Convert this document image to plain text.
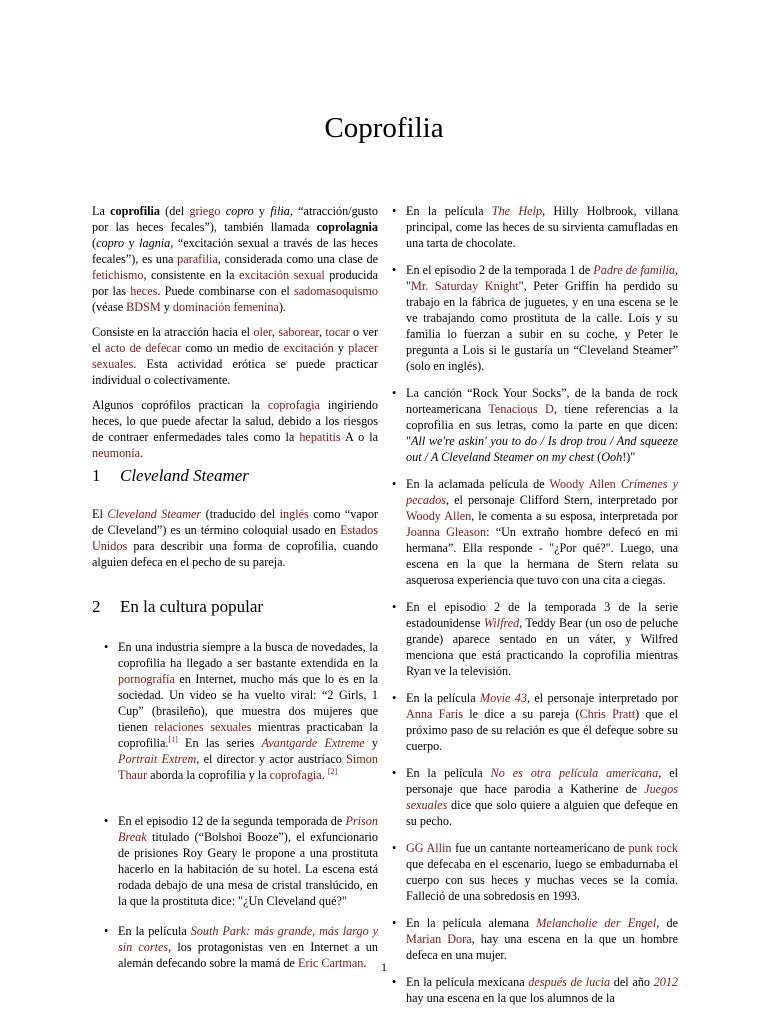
Coprofilia

La coprofilia (del griego copro y filia, “atracción/gusto por las heces fecales”), también llamada coprolagnia (copro y lagnia, “excitación sexual a través de las heces fecales”), es una parafilia, considerada como una clase de fetichismo, consistente en la excitación sexual producida por las heces. Puede combinarse con el sadomasoquismo (véase BDSM y dominación femenina).

Consiste en la atracción hacia el oler, saborear, tocar o ver el acto de defecar como un medio de excitación y placer sexuales. Esta actividad erótica se puede practicar individual o colectivamente.

Algunos coprófilos practican la coprofagia ingiriendo heces, lo que puede afectar la salud, debido a los riesgos de contraer enfermedades tales como la hepatitis A o la neumonía.

1 Cleveland Steamer

El Cleveland Steamer (traducido del inglés como “vapor de Cleveland”) es un término coloquial usado en Estados Unidos para describir una forma de coprofilia, cuando alguien defeca en el pecho de su pareja.

2 En la cultura popular
• En una industria siempre a la busca de novedades, la coprofilia ha llegado a ser bastante extendida en la pornografía en Internet, mucho más que lo es en la sociedad. Un video se ha vuelto viral: “2 Girls, 1 Cup” (brasileño), que muestra dos mujeres que tienen relaciones sexuales mientras practicaban la coprofilia.[1] En las series Avantgarde Extreme y Portrait Extrem, el director y actor austríaco Simon Thaur aborda la coprofilia y la coprofagia. [2]
• En el episodio 12 de la segunda temporada de Prison Break titulado (“Bolshoi Booze”), el exfuncionario de prisiones Roy Geary le propone a una prostituta hacerlo en la habitación de su hotel. La escena está rodada debajo de una mesa de cristal translúcido, en la que la prostituta dice: "¿Un Cleveland qué?"
• En la película South Park: más grande, más largo y sin cortes, los protagonistas ven en Internet a un alemán defecando sobre la mamá de Eric Cartman.
• En la película The Help, Hilly Holbrook, villana principal, come las heces de su sirvienta camufladas en una tarta de chocolate.
• En el episodio 2 de la temporada 1 de Padre de familia, "Mr. Saturday Knight", Peter Griffin ha perdido su trabajo en la fábrica de juguetes, y en una escena se le ve trabajando como prostituta de la calle. Lois y su familia lo fuerzan a subir en su coche, y Peter le pregunta a Lois si le gustaría un “Cleveland Steamer” (solo en inglés).
• La canción “Rock Your Socks”, de la banda de rock norteamericana Tenacious D, tiene referencias a la coprofilia en sus letras, como la parte en que dicen: "All we're askin' you to do / Is drop trou / And squeeze out / A Cleveland Steamer on my chest (Ooh!)"
• En la aclamada película de Woody Allen Crímenes y pecados, el personaje Clifford Stern, interpretado por Woody Allen, le comenta a su esposa, interpretada por Joanna Gleason: “Un extraño hombre defecó en mi hermana”. Ella responde - "¿Por qué?". Luego, una escena en la que la hermana de Stern relata su asquerosa experiencia que tuvo con una cita a ciegas.
• En el episodio 2 de la temporada 3 de la serie estadounidense Wilfred, Teddy Bear (un oso de peluche grande) aparece sentado en un váter, y Wilfred menciona que está practicando la coprofilia mientras Ryan ve la televisión.
• En la película Movie 43, el personaje interpretado por Anna Faris le dice a su pareja (Chris Pratt) que el próximo paso de su relación es que él defeque sobre su cuerpo.
• En la película No es otra película americana, el personaje que hace parodia a Katherine de Juegos sexuales dice que solo quiere a alguien que defeque en su pecho.
• GG Allin fue un cantante norteamericano de punk rock que defecaba en el escenario, luego se embadurnaba el cuerpo con sus heces y muchas veces se la comía. Falleció de una sobredosis en 1993.
• En la película alemana Melancholie der Engel, de Marian Dora, hay una escena en la que un hombre defeca en una mujer.
• En la película mexicana después de lucia del año 2012 hay una escena en la que los alumnos de la
1
